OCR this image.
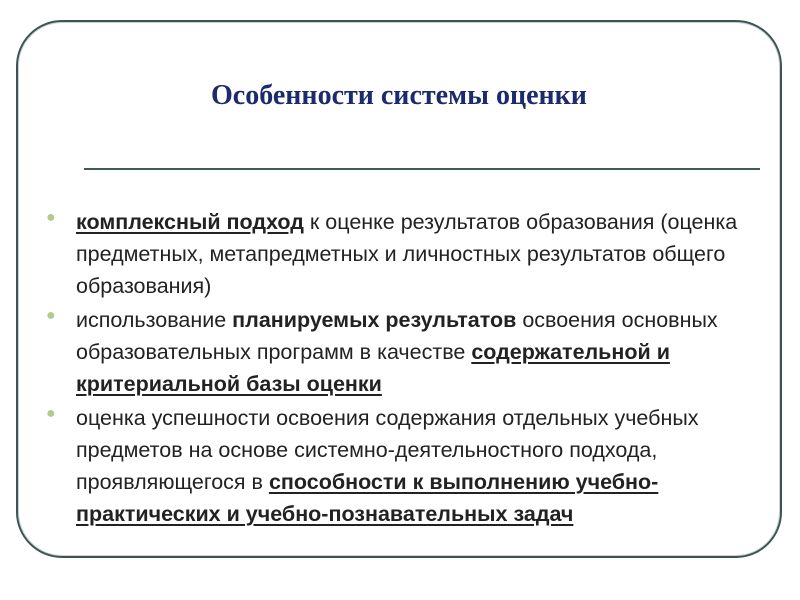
Особенности системы оценки
● комплексный подход к оценке результатов образования (оценка предметных, метапредметных и личностных результатов общего образования)
● использование планируемых результатов освоения основных образовательных программ в качестве содержательной и критериальной базы оценки
● оценка успешности освоения содержания отдельных учебных предметов на основе системно-деятельностного подхода, проявляющегося в способности к выполнению учебно-практических и учебно-познавательных задач
